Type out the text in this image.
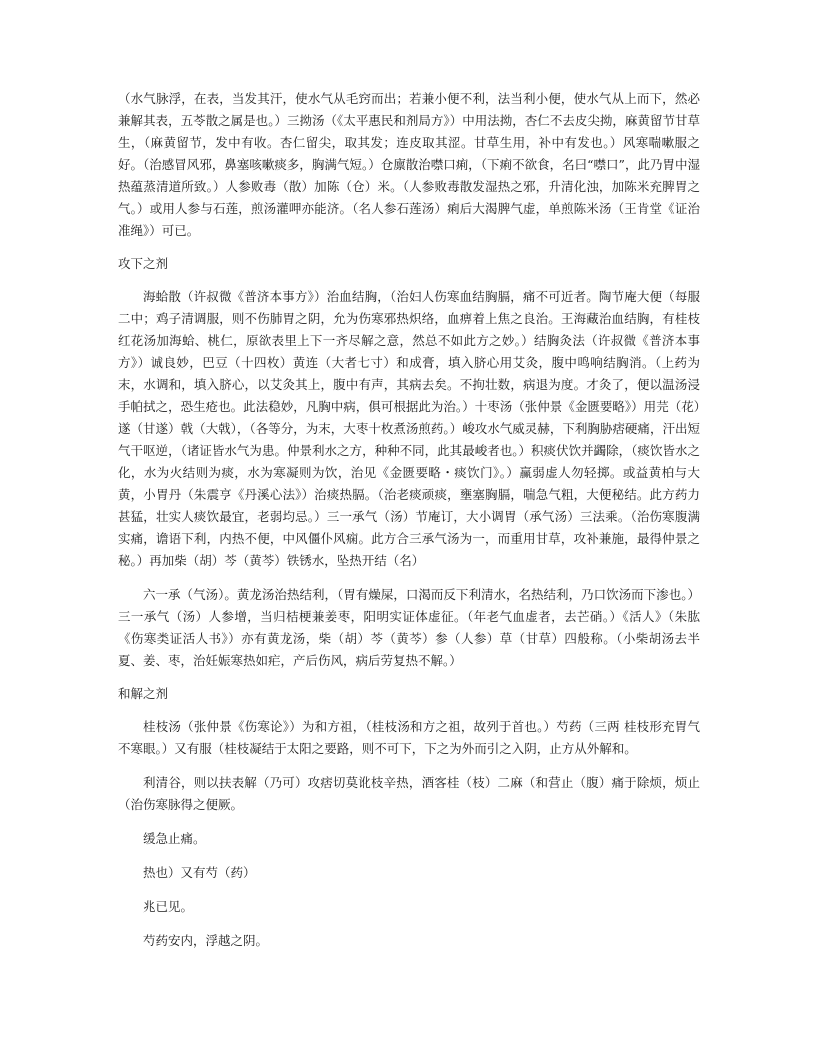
（水气脉浮，在表，当发其汗，使水气从毛窍而出；若兼小便不利，法当利小便，使水气从上而下，然必兼解其表，五苓散之属是也。）三拗汤（《太平惠民和剂局方》）中用法拗，杏仁不去皮尖拗，麻黄留节甘草生，（麻黄留节，发中有收。杏仁留尖，取其发；连皮取其涩。甘草生用，补中有发也。）风寒喘嗽服之好。（治感冒风邪，鼻塞咳嗽痰多，胸满气短。）仓廪散治噤口痢，（下痢不欲食，名曰“噤口”，此乃胃中湿热蕴蒸清道所致。）人参败毒（散）加陈（仓）米。（人参败毒散发湿热之邪，升清化浊，加陈米充脾胃之气。）或用人参与石莲，煎汤灌呷亦能济。（名人参石莲汤）痢后大渴脾气虚，单煎陈米汤（王肯堂《证治准绳》）可已。

攻下之剂

海蛤散（许叔微《普济本事方》）治血结胸，（治妇人伤寒血结胸膈，痛不可近者。陶节庵大便（每服二中；鸡子清调服，则不伤肺胃之阴，允为伤寒邪热炽络，血痹着上焦之良治。王海藏治血结胸，有桂枝红花汤加海蛤、桃仁，原欲表里上下一齐尽解之意，然总不如此方之妙。）结胸灸法（许叔微《普济本事方》）诚良妙，巴豆（十四枚）黄连（大者七寸）和成膏，填入脐心用艾灸，腹中鸣响结胸消。（上药为末，水调和，填入脐心，以艾灸其上，腹中有声，其病去矣。不拘壮数，病退为度。才灸了，便以温汤浸手帕拭之，恐生疮也。此法稳妙，凡胸中病，俱可根据此为治。）十枣汤（张仲景《金匮要略》）用芫（花）遂（甘遂）戟（大戟），（各等分，为末，大枣十枚煮汤煎药。）峻攻水气威灵赫，下利胸胁痞硬痛，汗出短气干呕逆，（诸证皆水气为患。仲景利水之方，种种不同，此其最峻者也。）积痰伏饮并蠲除，（痰饮皆水之化，水为火结则为痰，水为寒凝则为饮，治见《金匮要略・痰饮门》。）赢弱虚人勿轻掷。或益黄柏与大黄，小胃丹（朱震亨《丹溪心法》）治痰热膈。（治老痰顽痰，壅塞胸膈，喘急气粗，大便秘结。此方药力甚猛，壮实人痰饮最宜，老弱均忌。）三一承气（汤）节庵订，大小调胃（承气汤）三法乘。（治伤寒腹满实痛，谵语下利，内热不便，中风僵仆风痫。此方合三承气汤为一，而重用甘草，攻补兼施，最得仲景之秘。）再加柴（胡）芩（黄芩）铁锈水，坠热开结（名）

六一承（气汤）。黄龙汤治热结利，（胃有燥屎，口渴而反下利清水，名热结利，乃口饮汤而下渗也。）三一承气（汤）人参增，当归桔梗兼姜枣，阳明实证体虚征。（年老气血虚者，去芒硝。）《活人》（朱肱《伤寒类证活人书》）亦有黄龙汤，柴（胡）芩（黄芩）参（人参）草（甘草）四般称。（小柴胡汤去半夏、姜、枣，治妊娠寒热如疟，产后伤风，病后劳复热不解。）

和解之剂

桂枝汤（张仲景《伤寒论》）为和方祖，（桂枝汤和方之祖，故列于首也。）芍药（三两 桂枝形充胃气不寒眼。）又有服（桂枝凝结于太阳之要路，则不可下，下之为外而引之入阴，止方从外解和。

利清谷，则以扶表解（乃可）攻痞切莫讹枝辛热，酒客桂（枝）二麻（和营止（腹）痛于除烦，烦止（治伤寒脉得之便厥。

缓急止痛。

热也）又有芍（药）

兆已见。

芍药安内，浮越之阴。
